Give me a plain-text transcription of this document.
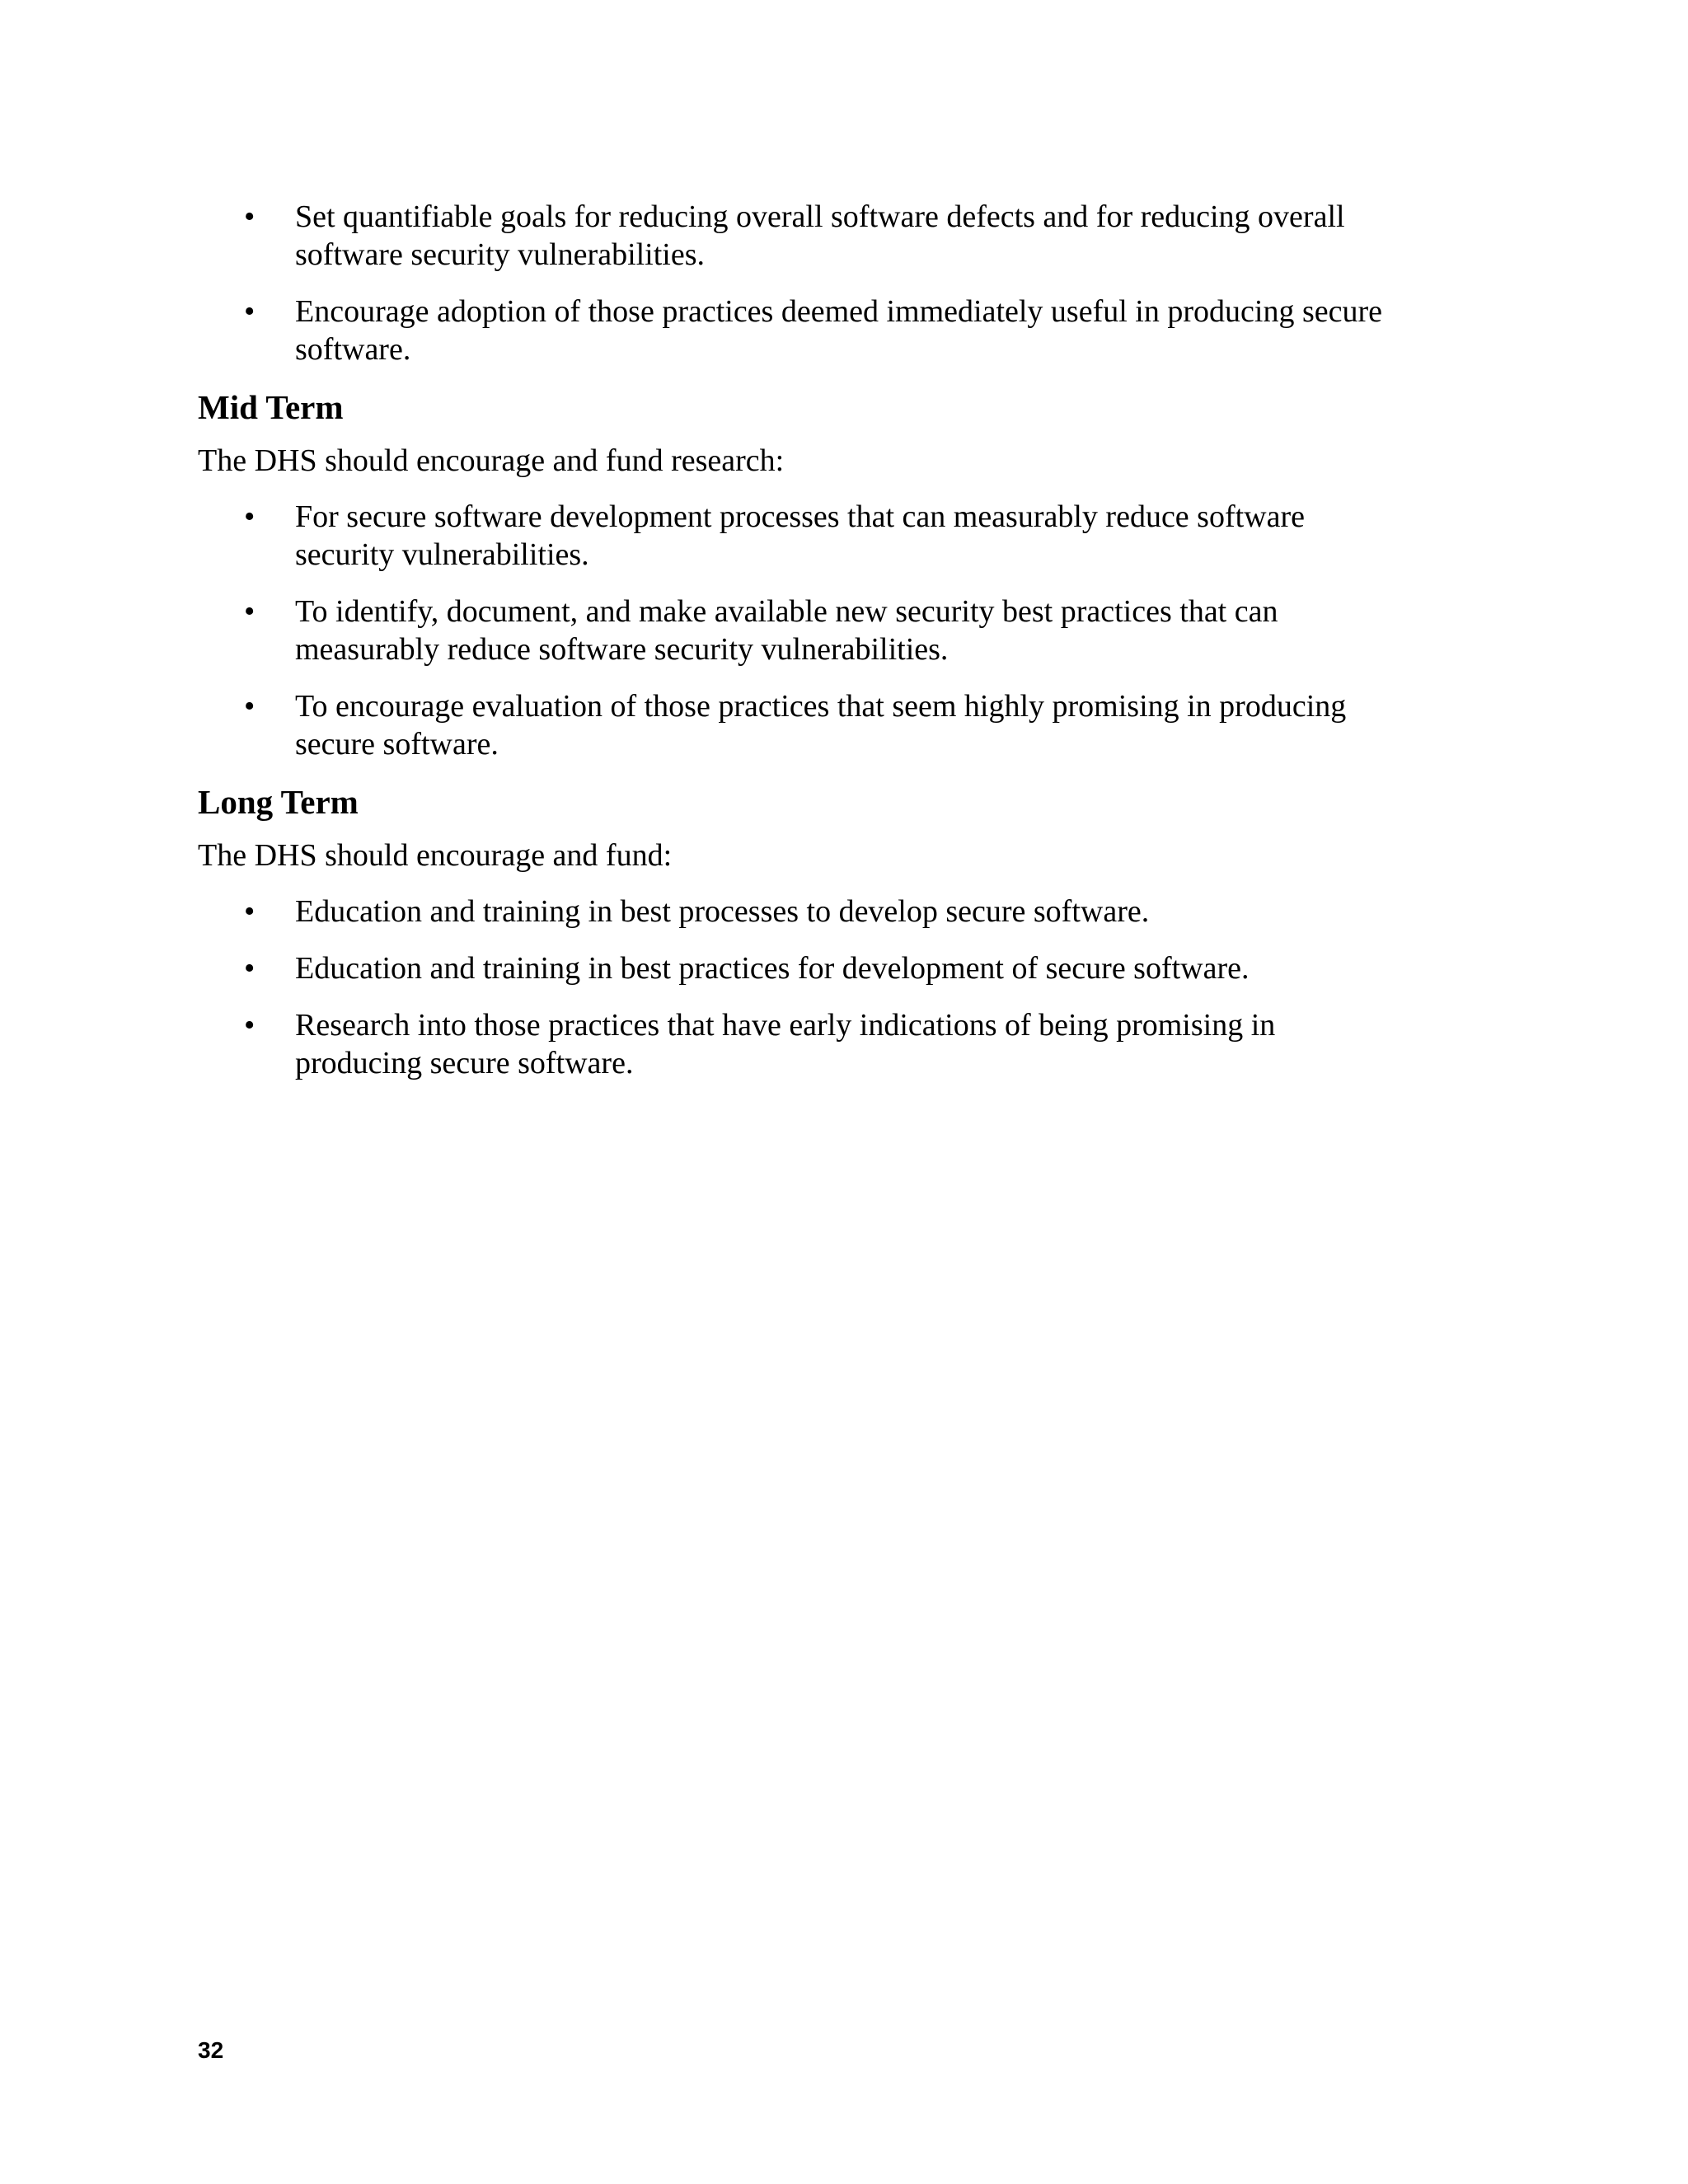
• Set quantifiable goals for reducing overall software defects and for reducing overall software security vulnerabilities.
• Encourage adoption of those practices deemed immediately useful in producing secure software.
Mid Term

The DHS should encourage and fund research:

• For secure software development processes that can measurably reduce software security vulnerabilities.
• To identify, document, and make available new security best practices that can measurably reduce software security vulnerabilities.
• To encourage evaluation of those practices that seem highly promising in producing secure software.
Long Term

The DHS should encourage and fund:

• Education and training in best processes to develop secure software.
• Education and training in best practices for development of secure software.
• Research into those practices that have early indications of being promising in producing secure software.
32
